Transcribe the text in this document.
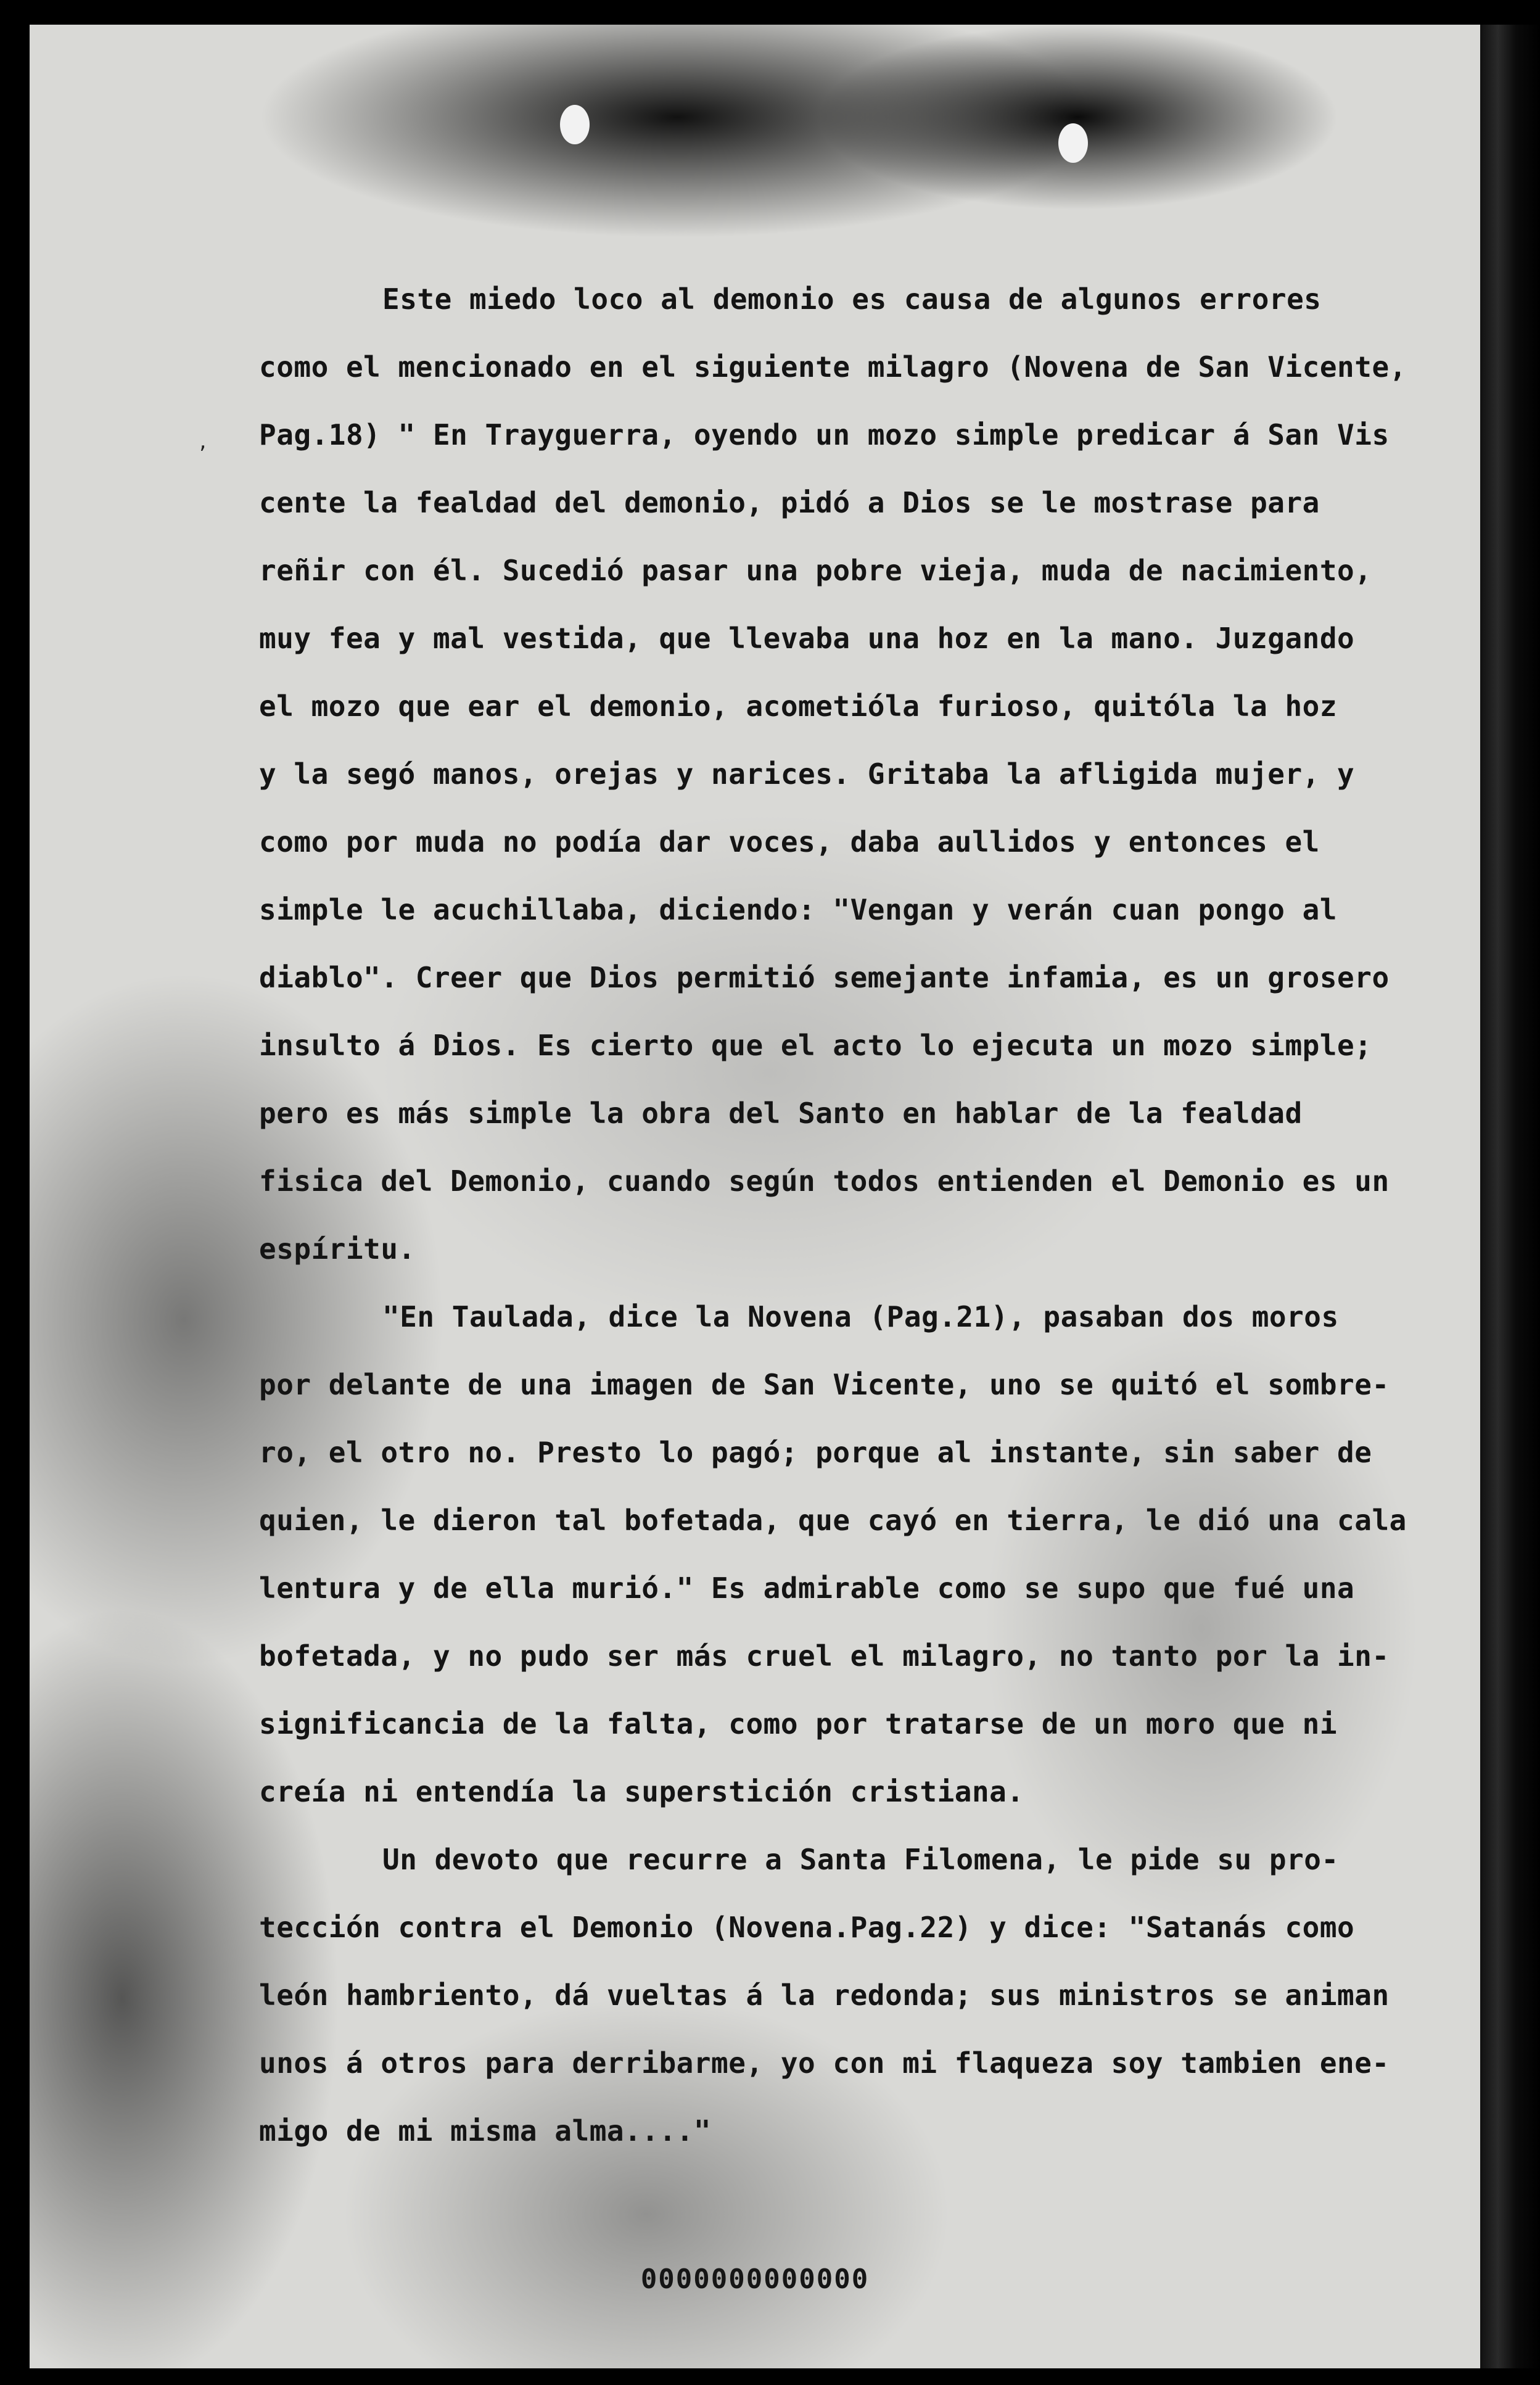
0000000000000
Este miedo loco al demonio es causa de algunos errores
como el mencionado en el siguiente milagro (Novena de San Vicente,
Pag.18) " En Trayguerra, oyendo un mozo simple predicar á San Vis
cente la fealdad del demonio, pidó a Dios se le mostrase para
reñir con él. Sucedió pasar una pobre vieja, muda de nacimiento,
muy fea y mal vestida, que llevaba una hoz en la mano. Juzgando
el mozo que ear el demonio, acometióla furioso, quitóla la hoz
y la segó manos, orejas y narices. Gritaba la afligida mujer, y
como por muda no podía dar voces, daba aullidos y entonces el
simple le acuchillaba, diciendo: "Vengan y verán cuan pongo al
diablo". Creer que Dios permitió semejante infamia, es un grosero
insulto á Dios. Es cierto que el acto lo ejecuta un mozo simple;
pero es más simple la obra del Santo en hablar de la fealdad
fisica del Demonio, cuando según todos entienden el Demonio es un
espíritu.
"En Taulada, dice la Novena (Pag.21), pasaban dos moros
por delante de una imagen de San Vicente, uno se quitó el sombre-
ro, el otro no. Presto lo pagó; porque al instante, sin saber de
quien, le dieron tal bofetada, que cayó en tierra, le dió una cala
lentura y de ella murió." Es admirable como se supo que fué una
bofetada, y no pudo ser más cruel el milagro, no tanto por la in-
significancia de la falta, como por tratarse de un moro que ni
creía ni entendía la superstición cristiana.
Un devoto que recurre a Santa Filomena, le pide su pro-
tección contra el Demonio (Novena.Pag.22) y dice: "Satanás como
león hambriento, dá vueltas á la redonda; sus ministros se animan
unos á otros para derribarme, yo con mi flaqueza soy tambien ene-
migo de mi misma alma...."
,
